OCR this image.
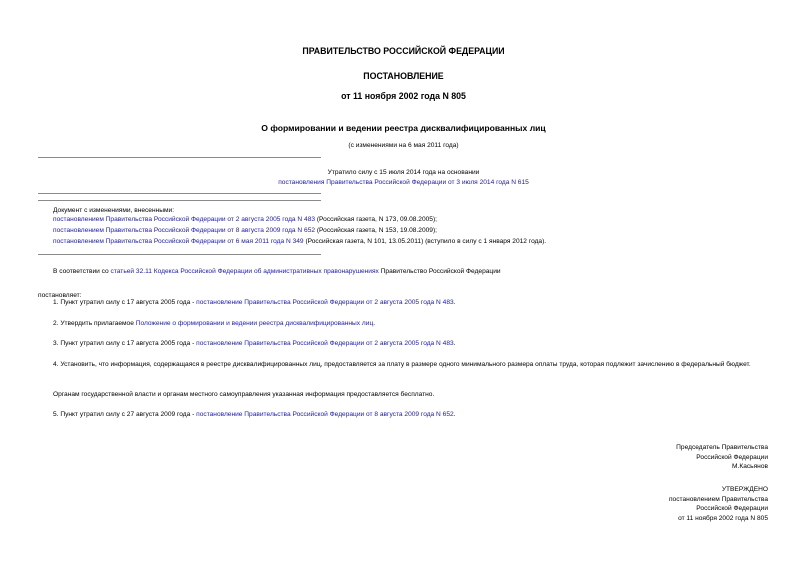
ПРАВИТЕЛЬСТВО РОССИЙСКОЙ ФЕДЕРАЦИИ
ПОСТАНОВЛЕНИЕ
от 11 ноября 2002 года N 805
О формировании и ведении реестра дисквалифицированных лиц
(с изменениями на 6 мая 2011 года)
Утратило силу с 15 июля 2014 года на основании
постановления Правительства Российской Федерации от 3 июля 2014 года N 615
Документ с изменениями, внесенными:
постановлением Правительства Российской Федерации от 2 августа 2005 года N 483 (Российская газета, N 173, 09.08.2005);
постановлением Правительства Российской Федерации от 8 августа 2009 года N 652 (Российская газета, N 153, 19.08.2009);
постановлением Правительства Российской Федерации от 6 мая 2011 года N 349 (Российская газета, N 101, 13.05.2011) (вступило в силу с 1 января 2012 года).
В соответствии со статьей 32.11 Кодекса Российской Федерации об административных правонарушениях Правительство Российской Федерации
постановляет:
1. Пункт утратил силу с 17 августа 2005 года - постановление Правительства Российской Федерации от 2 августа 2005 года N 483.
2. Утвердить прилагаемое Положение о формировании и ведении реестра дисквалифицированных лиц.
3. Пункт утратил силу с 17 августа 2005 года - постановление Правительства Российской Федерации от 2 августа 2005 года N 483.
4. Установить, что информация, содержащаяся в реестре дисквалифицированных лиц, предоставляется за плату в размере одного минимального размера оплаты труда, которая подлежит зачислению в федеральный бюджет.
Органам государственной власти и органам местного самоуправления указанная информация предоставляется бесплатно.
5. Пункт утратил силу с 27 августа 2009 года - постановление Правительства Российской Федерации от 8 августа 2009 года N 652.
Председатель Правительства
Российской Федерации
М.Касьянов
УТВЕРЖДЕНО
постановлением Правительства
Российской Федерации
от 11 ноября 2002 года N 805
